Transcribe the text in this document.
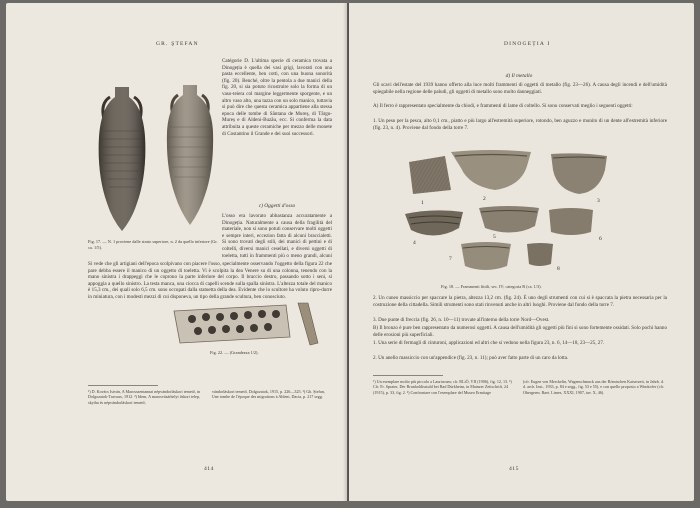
GR. ŞTEFAN
Fig. 17. — N. 1 proviene dalle strato superiore, n. 2 da quello inferiore (Gr. ca. 1/5).
Catégorie D. L'ultima specie di ceramica trovata a Dinogeția è quella dei vasi grigi, lavorati con una pasta eccellente, ben cotti, con una buona sonorità (fig. 20). Benché, oltre la pentola a due manici della fig. 20, si sia potuto ricostruire solo la forma di un vaso-teiera col margine leggermente sporgente, e un altro vaso alto, una tazza con un solo manico, tuttavia si può dire che questa ceramica appartiene alla stessa epoca delle tombe di Sântana de Mureș, di Târgu-Mureș e di Aldeni-Buzău, ecc. Si conferma la data attribuita a queste ceramiche per mezzo delle monete di Costantino il Grande e dei suoi successori.
c) Oggetti d'osso
L'osso era lavorato abbastanza accuratamente a Dinogeția. Naturalmente a causa della fragilità del materiale, non si sono potuti conservare molti oggetti e sempre interi, eccezion fatta di alcuni braccialetti. Si sono trovati degli stili, dei manici di pettini e di coltelli, diversi manici cesellati, e diversi oggetti di toeletta, tutti in frammenti più o meno grandi, alcuni
Si vede che gli artigiani dell'epoca scolpivano con piacere l'osso, specialmente osservando l'oggetto della figura 22 che pare debba essere il manico di un oggetto di toeletta. Vi è scolpita la dea Venere su di una colonna, tenendo con la mano sinistra i drappeggi che le coprono la parte inferiore del corpo. Il braccio destro, passando sotto i seni, si appoggia a quello sinistro. La testa manca, una ciocca di capelli scende sulla spalla sinistra. L'altezza totale del manico è 15,3 cm., dei quali solo 6,5 cm. sono occupati dalla statuetta della dea. Evidente che lo scultore ha voluto ripro-durre in miniatura, con i modesti mezzi di cui disponeva, un tipo della grande scultura, ben conosciuto.
Fig. 22. — (Grandezza 1/2).
¹) D. Kovács István, A Marosszentannai népvándorláskori temető, in Dolgozatok-Travaux, 1912. ²) Idem, A marosvásárhelyi őskori telep, skytha és népvándorláskori temető,
vándorláskori temető, Dolgozatok, 1915, p. 226—325. ³) Gh. Ștefan, Une tombe de l'époque des migrations à Aldeni, Dacia, p. 217 segg.
414
DINOGEȚIA I
d) Il metallo
Gli scavi dell'estate del 1939 hanno offerto alla luce molti frammenti di oggetti di metallo (fig. 23—26). A causa degli incendi e dell'umidità spiegabile nella regione delle paludi, gli oggetti di metallo sono molto danneggiati.
A) Il ferro è rappresentato specialmente da chiodi, e frammenti di lame di coltello. Si sono conservati meglio i seguenti oggetti:
1. Un peso per la pesca, alto 0,1 cm., piatto e più largo all'estremità superiore, rotondo, ben aguzzo e munito di un dente all'estremità inferiore (fig. 23, n. 4). Proviene dal fondo della torre 7.
1
2	3
4
5	6
7
8
Fig. 18. — Frammenti fittili, sec. IV; categoria B (ca. 1/3).
2. Un cuneo massiccio per spaccare la pietra, altezza 13,2 cm. (fig. 24). È uno degli strumenti con cui si è spaccata la pietra necessaria per la costruzione della cittadella. Simili strumenti sono stati rinvenuti anche in altri luoghi. Proviene dal fondo della torre 7.
3. Due punte di freccia (fig. 26, n. 10—11) trovate all'interno della torre Nord—Ovest.
B) Il bronzo è pure ben rappresentato da numerosi oggetti. A causa dell'umidità gli oggetti più fini si sono fortemente ossidati. Solo pochi hanno delle erosioni più superficiali.
1. Una serie di fermagli di cinturoni, applicazioni ed altri che si vedono nella figura 23, n. 6, 14—18, 23—25, 27.
2. Un anello massiccio con un'appendice (fig. 23, n. 11); può aver fatto parte di un caro da lotta.
¹) Un esemplare molto più piccolo a Lauriacum; cfr. RLiÖ, VII (1906), fig. 12, 13. ²) Cfr. Fr. Sprater, Der Brunholdisstuhl bei Bad Dürkheim, in Mainzer Zeitschrift, 24 (1915), p. 33, fig. 2. ³) Confrontare con l'esemplare del Museo Ermitage
(cfr. Eugen von Merckelin, Wagenschmuck aus der Römischen Kaiserzeit, in Jahrb. d. d. arch. Inst., 1933, p. 84 e segg., fig. 53 e 55), e con quello proposto a Windorfer (cfr. Obergerm. Raet. Limes, XXXI, 1907, tav. X, 46).
415
